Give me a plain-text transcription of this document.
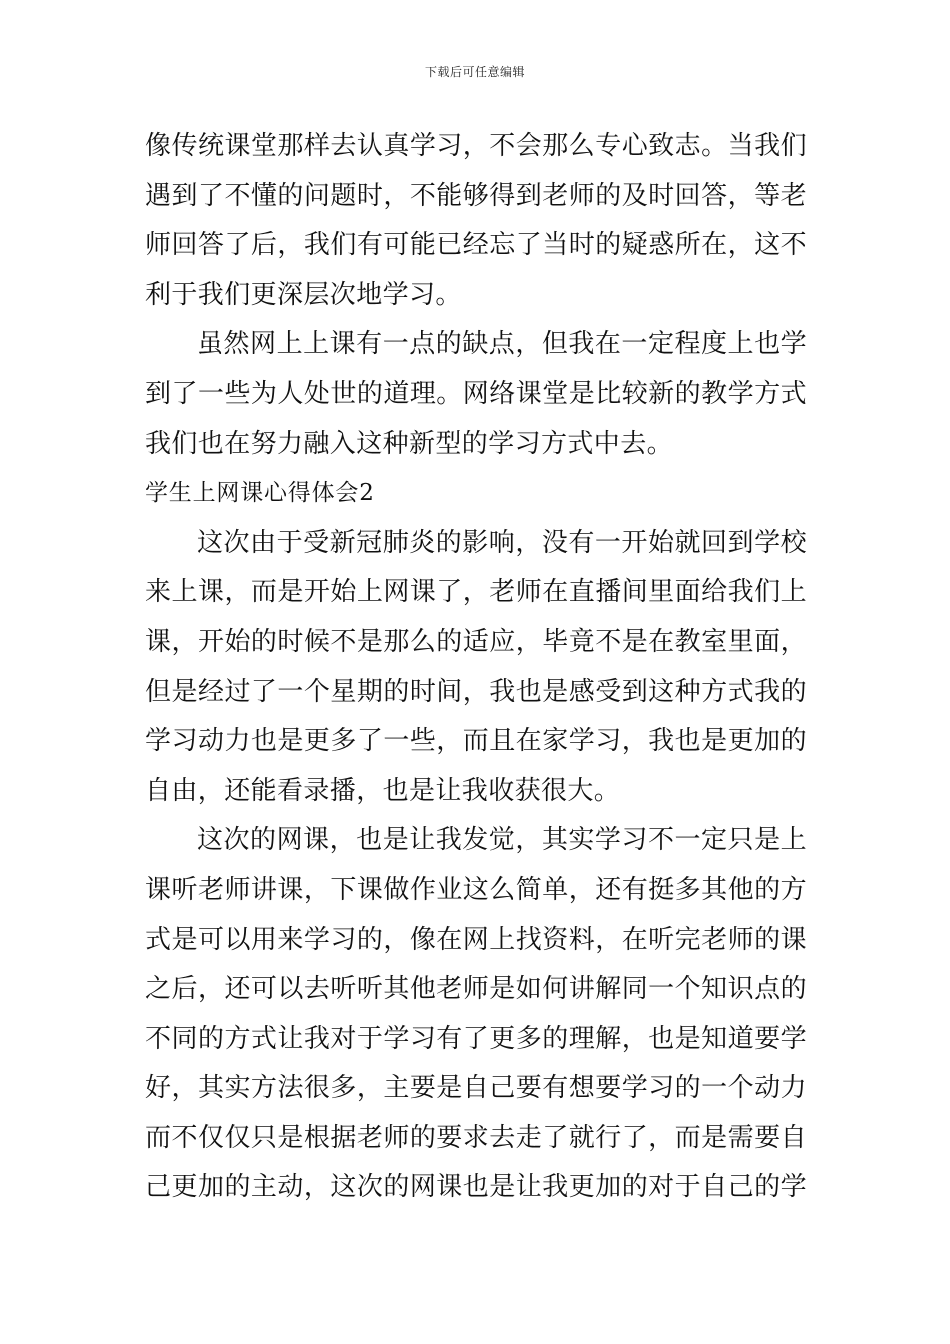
下载后可任意编辑
像传统课堂那样去认真学习，不会那么专心致志。当我们
遇到了不懂的问题时，不能够得到老师的及时回答，等老
师回答了后，我们有可能已经忘了当时的疑惑所在，这不
利于我们更深层次地学习。
虽然网上上课有一点的缺点，但我在一定程度上也学
到了一些为人处世的道理。网络课堂是比较新的教学方式
我们也在努力融入这种新型的学习方式中去。
学生上网课心得体会2
这次由于受新冠肺炎的影响，没有一开始就回到学校
来上课，而是开始上网课了，老师在直播间里面给我们上
课，开始的时候不是那么的适应，毕竟不是在教室里面，
但是经过了一个星期的时间，我也是感受到这种方式我的
学习动力也是更多了一些，而且在家学习，我也是更加的
自由，还能看录播，也是让我收获很大。
这次的网课，也是让我发觉，其实学习不一定只是上
课听老师讲课，下课做作业这么简单，还有挺多其他的方
式是可以用来学习的，像在网上找资料，在听完老师的课
之后，还可以去听听其他老师是如何讲解同一个知识点的
不同的方式让我对于学习有了更多的理解，也是知道要学
好，其实方法很多，主要是自己要有想要学习的一个动力
而不仅仅只是根据老师的要求去走了就行了，而是需要自
己更加的主动，这次的网课也是让我更加的对于自己的学
